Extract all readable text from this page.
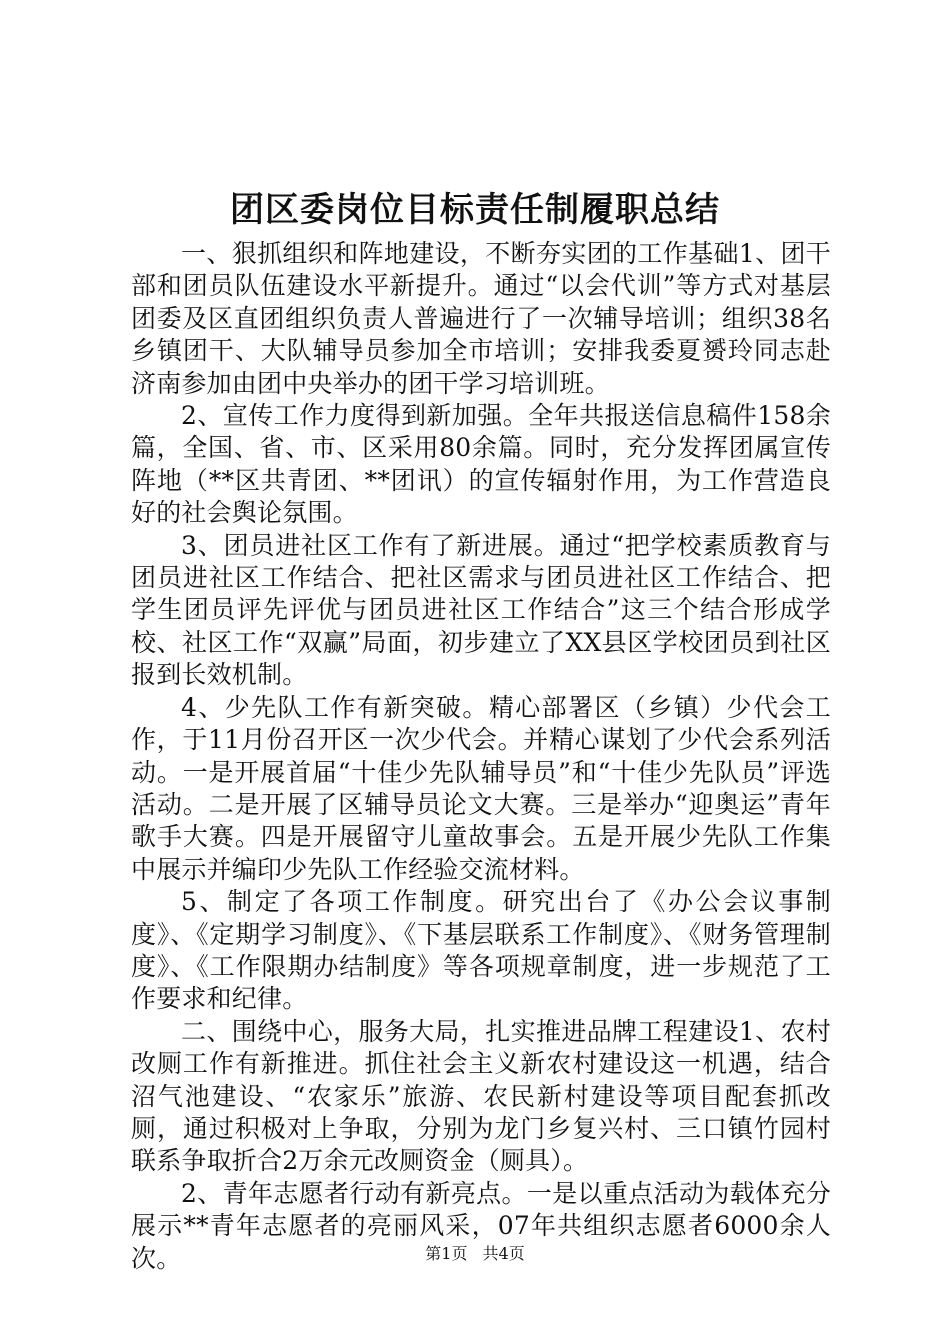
团区委岗位目标责任制履职总结

一、狠抓组织和阵地建设，不断夯实团的工作基础1、团干部和团员队伍建设水平新提升。通过“以会代训”等方式对基层团委及区直团组织负责人普遍进行了一次辅导培训；组织38名乡镇团干、大队辅导员参加全市培训；安排我委夏赟玲同志赴济南参加由团中央举办的团干学习培训班。

2、宣传工作力度得到新加强。全年共报送信息稿件158余篇，全国、省、市、区采用80余篇。同时，充分发挥团属宣传阵地（**区共青团、**团讯）的宣传辐射作用，为工作营造良好的社会舆论氛围。

3、团员进社区工作有了新进展。通过“把学校素质教育与团员进社区工作结合、把社区需求与团员进社区工作结合、把学生团员评先评优与团员进社区工作结合”这三个结合形成学校、社区工作“双赢”局面，初步建立了XX县区学校团员到社区报到长效机制。

4、少先队工作有新突破。精心部署区（乡镇）少代会工作，于11月份召开区一次少代会。并精心谋划了少代会系列活动。一是开展首届“十佳少先队辅导员”和“十佳少先队员”评选活动。二是开展了区辅导员论文大赛。三是举办“迎奥运”青年歌手大赛。四是开展留守儿童故事会。五是开展少先队工作集中展示并编印少先队工作经验交流材料。

5、制定了各项工作制度。研究出台了《办公会议事制度》、《定期学习制度》、《下基层联系工作制度》、《财务管理制度》、《工作限期办结制度》等各项规章制度，进一步规范了工作要求和纪律。

二、围绕中心，服务大局，扎实推进品牌工程建设1、农村改厕工作有新推进。抓住社会主义新农村建设这一机遇，结合沼气池建设、“农家乐”旅游、农民新村建设等项目配套抓改厕，通过积极对上争取，分别为龙门乡复兴村、三口镇竹园村联系争取折合2万余元改厕资金（厕具）。

2、青年志愿者行动有新亮点。一是以重点活动为载体充分展示**青年志愿者的亮丽风采，07年共组织志愿者6000余人次。	第1页 共4页
